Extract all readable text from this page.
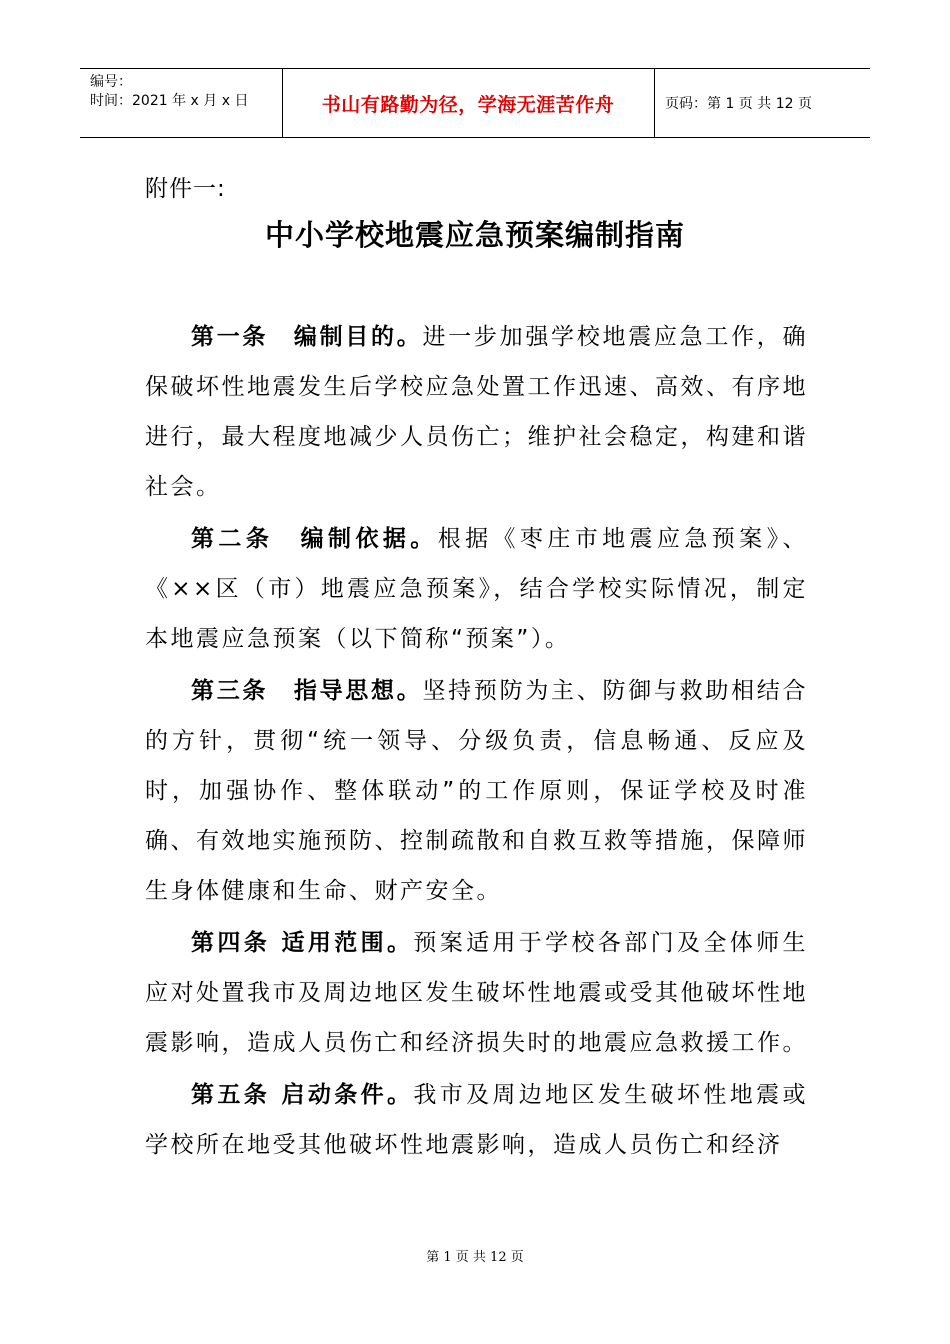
编号：
时间：2021 年 x 月 x 日	书山有路勤为径，学海无涯苦作舟	页码：第 1 页 共 12 页
附件一:
中小学校地震应急预案编制指南

第一条　编制目的。进一步加强学校地震应急工作，确保破坏性地震发生后学校应急处置工作迅速、高效、有序地进行，最大程度地减少人员伤亡；维护社会稳定，构建和谐社会。

第二条　编制依据。根据《枣庄市地震应急预案》、《××区（市）地震应急预案》，结合学校实际情况，制定本地震应急预案（以下简称“预案”）。

第三条　指导思想。坚持预防为主、防御与救助相结合的方针，贯彻“统一领导、分级负责，信息畅通、反应及时，加强协作、整体联动”的工作原则，保证学校及时准确、有效地实施预防、控制疏散和自救互救等措施，保障师生身体健康和生命、财产安全。

第四条 适用范围。预案适用于学校各部门及全体师生应对处置我市及周边地区发生破坏性地震或受其他破坏性地震影响，造成人员伤亡和经济损失时的地震应急救援工作。

第五条 启动条件。我市及周边地区发生破坏性地震或学校所在地受其他破坏性地震影响，造成人员伤亡和经济

第 1 页 共 12 页
